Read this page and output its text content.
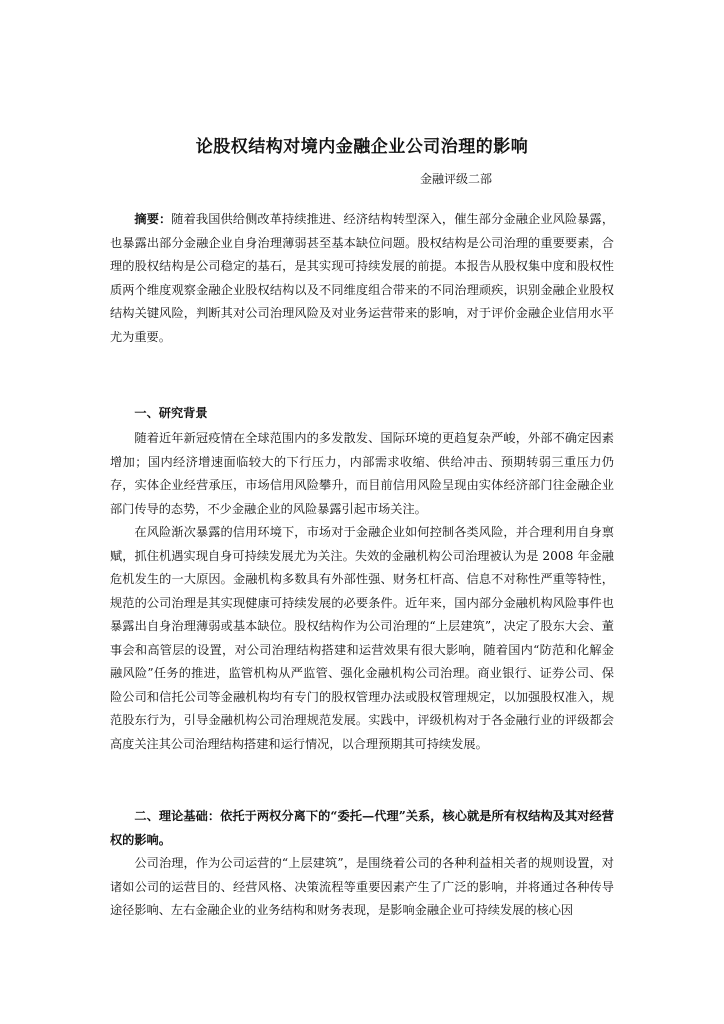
论股权结构对境内金融企业公司治理的影响

金融评级二部

摘要：随着我国供给侧改革持续推进、经济结构转型深入，催生部分金融企业风险暴露，也暴露出部分金融企业自身治理薄弱甚至基本缺位问题。股权结构是公司治理的重要要素，合理的股权结构是公司稳定的基石，是其实现可持续发展的前提。本报告从股权集中度和股权性质两个维度观察金融企业股权结构以及不同维度组合带来的不同治理顽疾，识别金融企业股权结构关键风险，判断其对公司治理风险及对业务运营带来的影响，对于评价金融企业信用水平尤为重要。

一、研究背景

随着近年新冠疫情在全球范围内的多发散发、国际环境的更趋复杂严峻，外部不确定因素增加；国内经济增速面临较大的下行压力，内部需求收缩、供给冲击、预期转弱三重压力仍存，实体企业经营承压，市场信用风险攀升，而目前信用风险呈现由实体经济部门往金融企业部门传导的态势，不少金融企业的风险暴露引起市场关注。

在风险渐次暴露的信用环境下，市场对于金融企业如何控制各类风险，并合理利用自身禀赋，抓住机遇实现自身可持续发展尤为关注。失效的金融机构公司治理被认为是 2008 年金融危机发生的一大原因。金融机构多数具有外部性强、财务杠杆高、信息不对称性严重等特性，规范的公司治理是其实现健康可持续发展的必要条件。近年来，国内部分金融机构风险事件也暴露出自身治理薄弱或基本缺位。股权结构作为公司治理的“上层建筑”，决定了股东大会、董事会和高管层的设置，对公司治理结构搭建和运营效果有很大影响，随着国内“防范和化解金融风险”任务的推进，监管机构从严监管、强化金融机构公司治理。商业银行、证券公司、保险公司和信托公司等金融机构均有专门的股权管理办法或股权管理规定，以加强股权准入，规范股东行为，引导金融机构公司治理规范发展。实践中，评级机构对于各金融行业的评级都会高度关注其公司治理结构搭建和运行情况，以合理预期其可持续发展。

二、理论基础：依托于两权分离下的“委托—代理”关系，核心就是所有权结构及其对经营权的影响。

公司治理，作为公司运营的“上层建筑”，是围绕着公司的各种利益相关者的规则设置，对诸如公司的运营目的、经营风格、决策流程等重要因素产生了广泛的影响，并将通过各种传导途径影响、左右金融企业的业务结构和财务表现，是影响金融企业可持续发展的核心因
